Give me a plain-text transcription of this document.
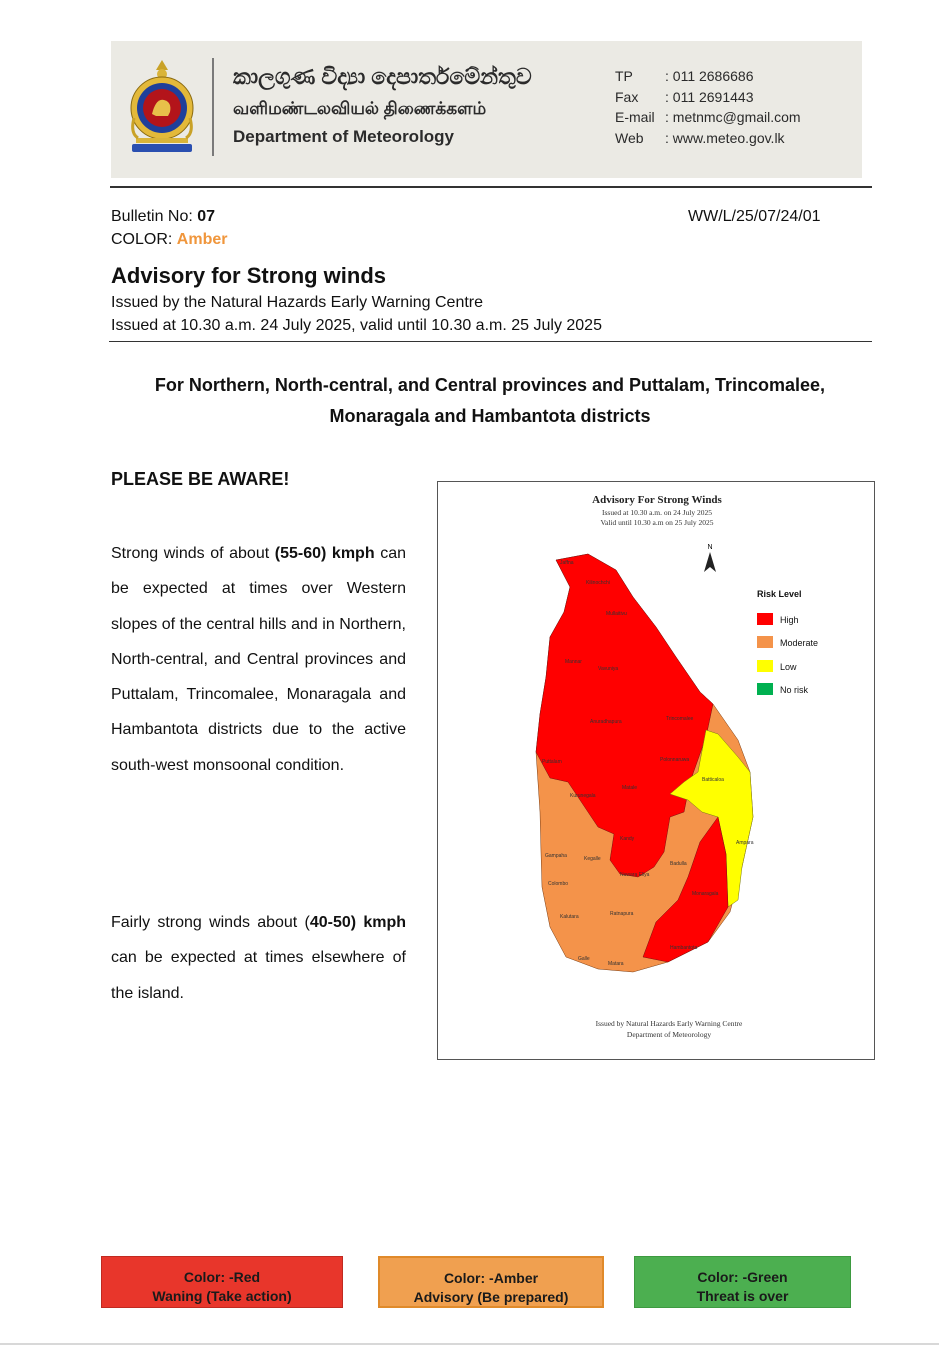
කාලගුණ විද්‍යා දෙපාර්තමේන්තුව
வளிமண்டலவியல் திணைக்களம்
Department of Meteorology
TP	: 011 2686686
Fax	: 011 2691443
E-mail : metnmc@gmail.com
Web	: www.meteo.gov.lk
Bulletin No: 07
COLOR: Amber
WW/L/25/07/24/01
Advisory for Strong winds
Issued by the Natural Hazards Early Warning Centre
Issued at 10.30 a.m. 24 July 2025, valid until 10.30 a.m. 25 July 2025
For Northern, North-central, and Central provinces and Puttalam, Trincomalee,
Monaragala and Hambantota districts
PLEASE BE AWARE!
Strong winds of about (55-60) kmph can be expected at times over Western slopes of the central hills and in Northern, North-central, and Central provinces and Puttalam, Trincomalee, Monaragala and Hambantota districts due to the active south-west monsoonal condition.
Fairly strong winds about (40-50) kmph can be expected at times elsewhere of the island.
Advisory For Strong Winds
Issued at 10.30 a.m. on 24 July 2025
Valid until 10.30 a.m on 25 July 2025
N
Jaffna
Kilinochchi
Mullaitivu
Mannar
Vavuniya
Anuradhapura	Trincomalee
Polonnaruwa
Puttalam
Batticaloa
Kurunegala
Matale
Ampara
Kandy
Badulla
Gampaha	Kegalle
Nuwara Eliya
Colombo
Monaragala
Kalutara	Ratnapura
Hambantota
Galle
Matara
Risk Level
High
Moderate
Low
No risk
Issued by Natural Hazards Early Warning Centre
Department of Meteorology
Color: -Red
Waning (Take action)
Color: -Amber
Advisory (Be prepared)
Color: -Green
Threat is over
